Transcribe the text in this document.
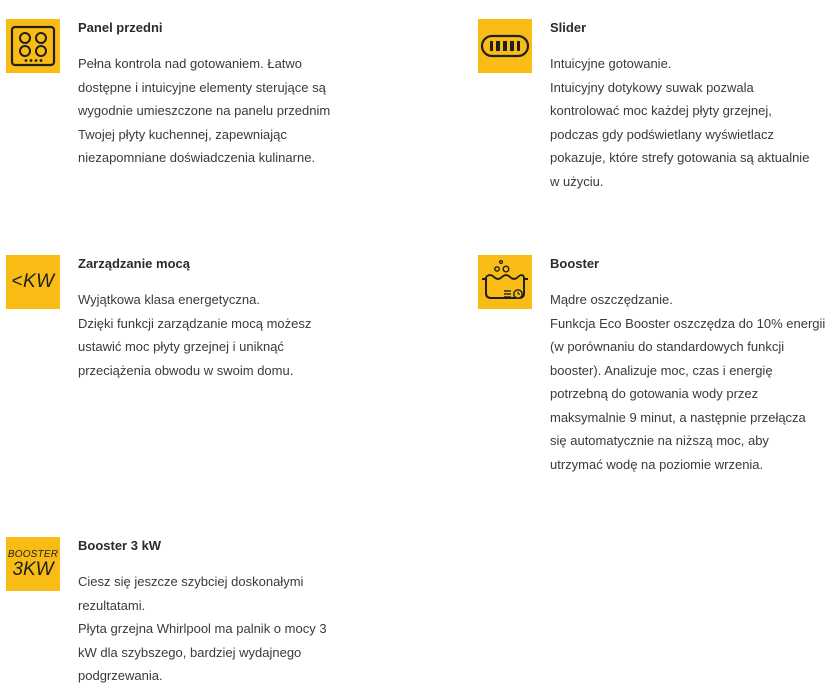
Panel przedni
Pełna kontrola nad gotowaniem. Łatwo
dostępne i intuicyjne elementy sterujące są
wygodnie umieszczone na panelu przednim
Twojej płyty kuchennej, zapewniając
niezapomniane doświadczenia kulinarne.
Slider
Intuicyjne gotowanie.
Intuicyjny dotykowy suwak pozwala
kontrolować moc każdej płyty grzejnej,
podczas gdy podświetlany wyświetlacz
pokazuje, które strefy gotowania są aktualnie
w użyciu.
<KW
Zarządzanie mocą
Wyjątkowa klasa energetyczna.
Dzięki funkcji zarządzanie mocą możesz
ustawić moc płyty grzejnej i uniknąć
przeciążenia obwodu w swoim domu.
Booster
Mądre oszczędzanie.
Funkcja Eco Booster oszczędza do 10% energii
(w porównaniu do standardowych funkcji
booster). Analizuje moc, czas i energię
potrzebną do gotowania wody przez
maksymalnie 9 minut, a następnie przełącza
się automatycznie na niższą moc, aby
utrzymać wodę na poziomie wrzenia.
BOOSTER
3KW
Booster 3 kW
Ciesz się jeszcze szybciej doskonałymi
rezultatami.
Płyta grzejna Whirlpool ma palnik o mocy 3
kW dla szybszego, bardziej wydajnego
podgrzewania.
